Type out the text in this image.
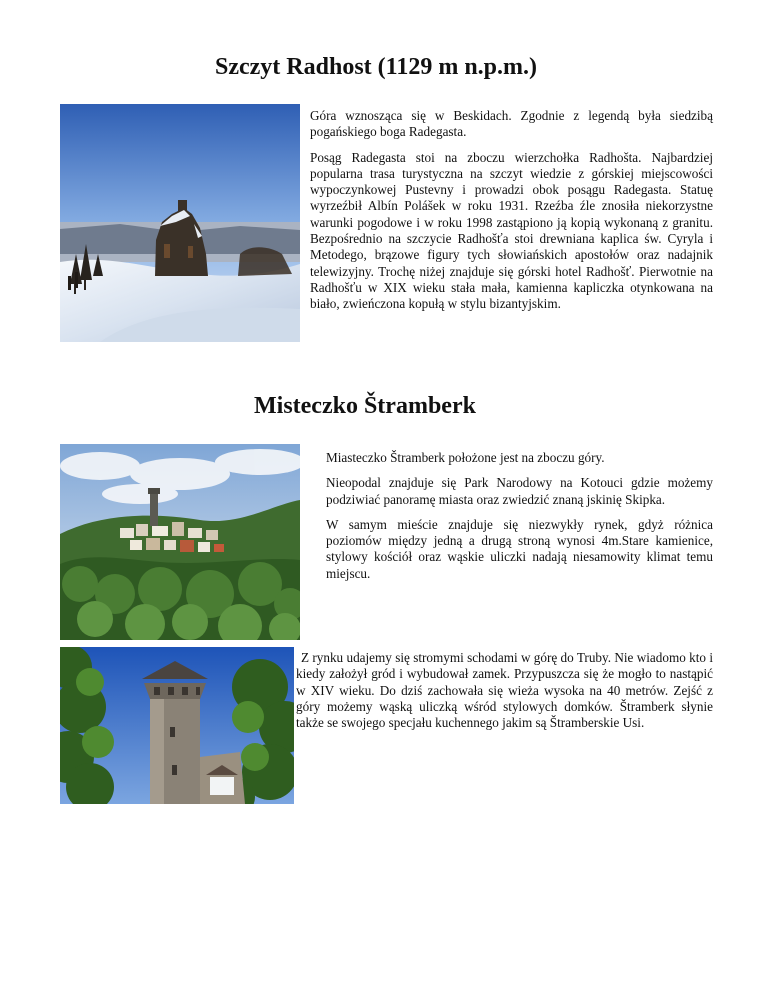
Szczyt Radhost (1129 m n.p.m.)

Góra wznosząca się w Beskidach. Zgodnie z legendą była siedzibą pogańskiego boga Radegasta.

Posąg Radegasta stoi na zboczu wierzchołka Radhošta. Najbardziej popularna trasa turystyczna na szczyt wiedzie z górskiej miejscowości wypoczynkowej Pustevny i prowadzi obok posągu Radegasta. Statuę wyrzeźbił Albín Polášek w roku 1931. Rzeźba źle znosiła niekorzystne warunki pogodowe i w roku 1998 zastąpiono ją kopią wykonaną z granitu. Bezpośrednio na szczycie Radhošťa stoi drewniana kaplica św. Cyryla i Metodego, brązowe figury tych słowiańskich apostołów oraz nadajnik telewizyjny. Trochę niżej znajduje się górski hotel Radhošť. Pierwotnie na Radhošťu w XIX wieku stała mała, kamienna kapliczka otynkowana na biało, zwieńczona kopułą w stylu bizantyjskim.

Misteczko Štramberk

Miasteczko Štramberk położone jest na zboczu góry.

Nieopodal znajduje się Park Narodowy na Kotouci gdzie możemy podziwiać panoramę miasta oraz zwiedzić znaną jskinię Skipka.

W samym mieście znajduje się niezwykły rynek, gdyż różnica poziomów między jedną a drugą stroną wynosi 4m.Stare kamienice, stylowy kościół oraz wąskie uliczki nadają niesamowity klimat temu miejscu.

Z rynku udajemy się stromymi schodami w górę do Truby. Nie wiadomo kto i kiedy założył gród i wybudował zamek. Przypuszcza się że mogło to nastąpić w XIV wieku. Do dziś zachowała się wieża wysoka na 40 metrów. Zejść z góry możemy wąską uliczką wśród stylowych domków. Štramberk słynie także se swojego specjału kuchennego jakim są Štramberskie Usi.
